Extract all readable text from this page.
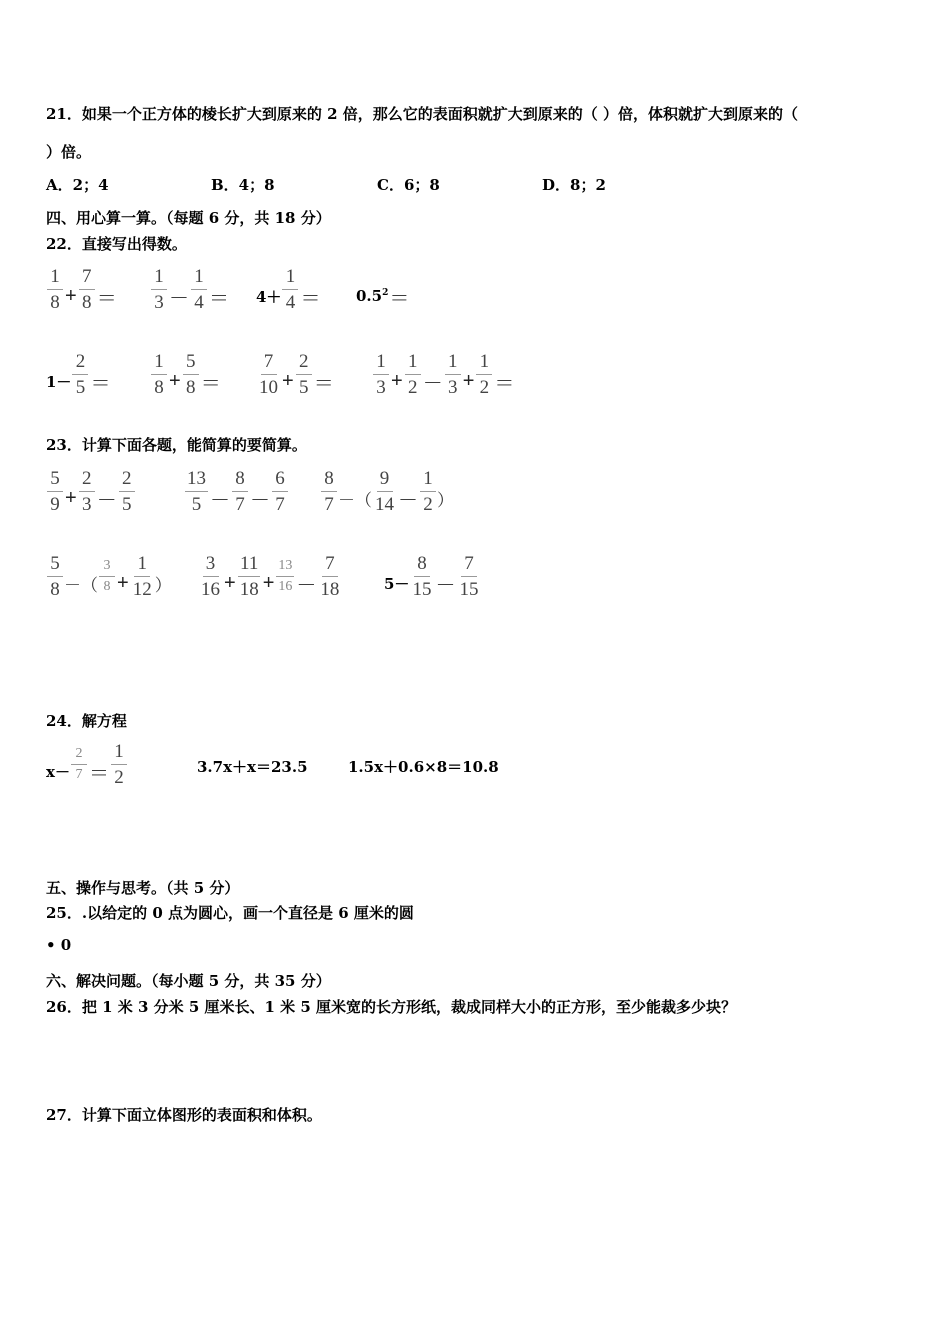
21．如果一个正方体的棱长扩大到原来的 2 倍，那么它的表面积就扩大到原来的（ ）倍，体积就扩大到原来的（
）倍。
A．2；4	B．4；8	C．6；8	D．8；2
四、用心算一算。（每题 6 分，共 18 分）
22．直接写出得数。
$\frac{1}{8} + \frac{7}{8} = \frac{1}{3} - \frac{1}{4} = 4+ \frac{1}{4} = 0.5^2$ ＝
$1- \frac{2}{5} = \frac{1}{8} + \frac{5}{8} = \frac{7}{10} + \frac{2}{5} = \frac{1}{3} + \frac{1}{2} - \frac{1}{3} + \frac{1}{2}$ ＝
23．计算下面各题，能简算的要简算。
$\frac{5}{9} + \frac{2}{3} - \frac{2}{5}$	$\frac{13}{5} - \frac{8}{7} - \frac{6}{7} \frac{8}{7}$ －（ $\frac{9}{14} - \frac{1}{2}$ ）
$\frac{5}{8}$ －（ $\frac{3}{8} + \frac{1}{12}$ ） $\frac{3}{16} + \frac{11}{18} + \frac{13}{16} - \frac{7}{18}$	$5- \frac{8}{15} - \frac{7}{15}$
24．解方程
$x- \frac{2}{7} = \frac{1}{2}$	3.7x＋x＝23.5	1.5x＋0.6×8＝10.8
五、操作与思考。（共 5 分）
25．.以给定的 0 点为圆心，画一个直径是 6 厘米的圆
• 0
六、解决问题。（每小题 5 分，共 35 分）
26．把 1 米 3 分米 5 厘米长、1 米 5 厘米宽的长方形纸，裁成同样大小的正方形，至少能裁多少块？
27．计算下面立体图形的表面积和体积。
